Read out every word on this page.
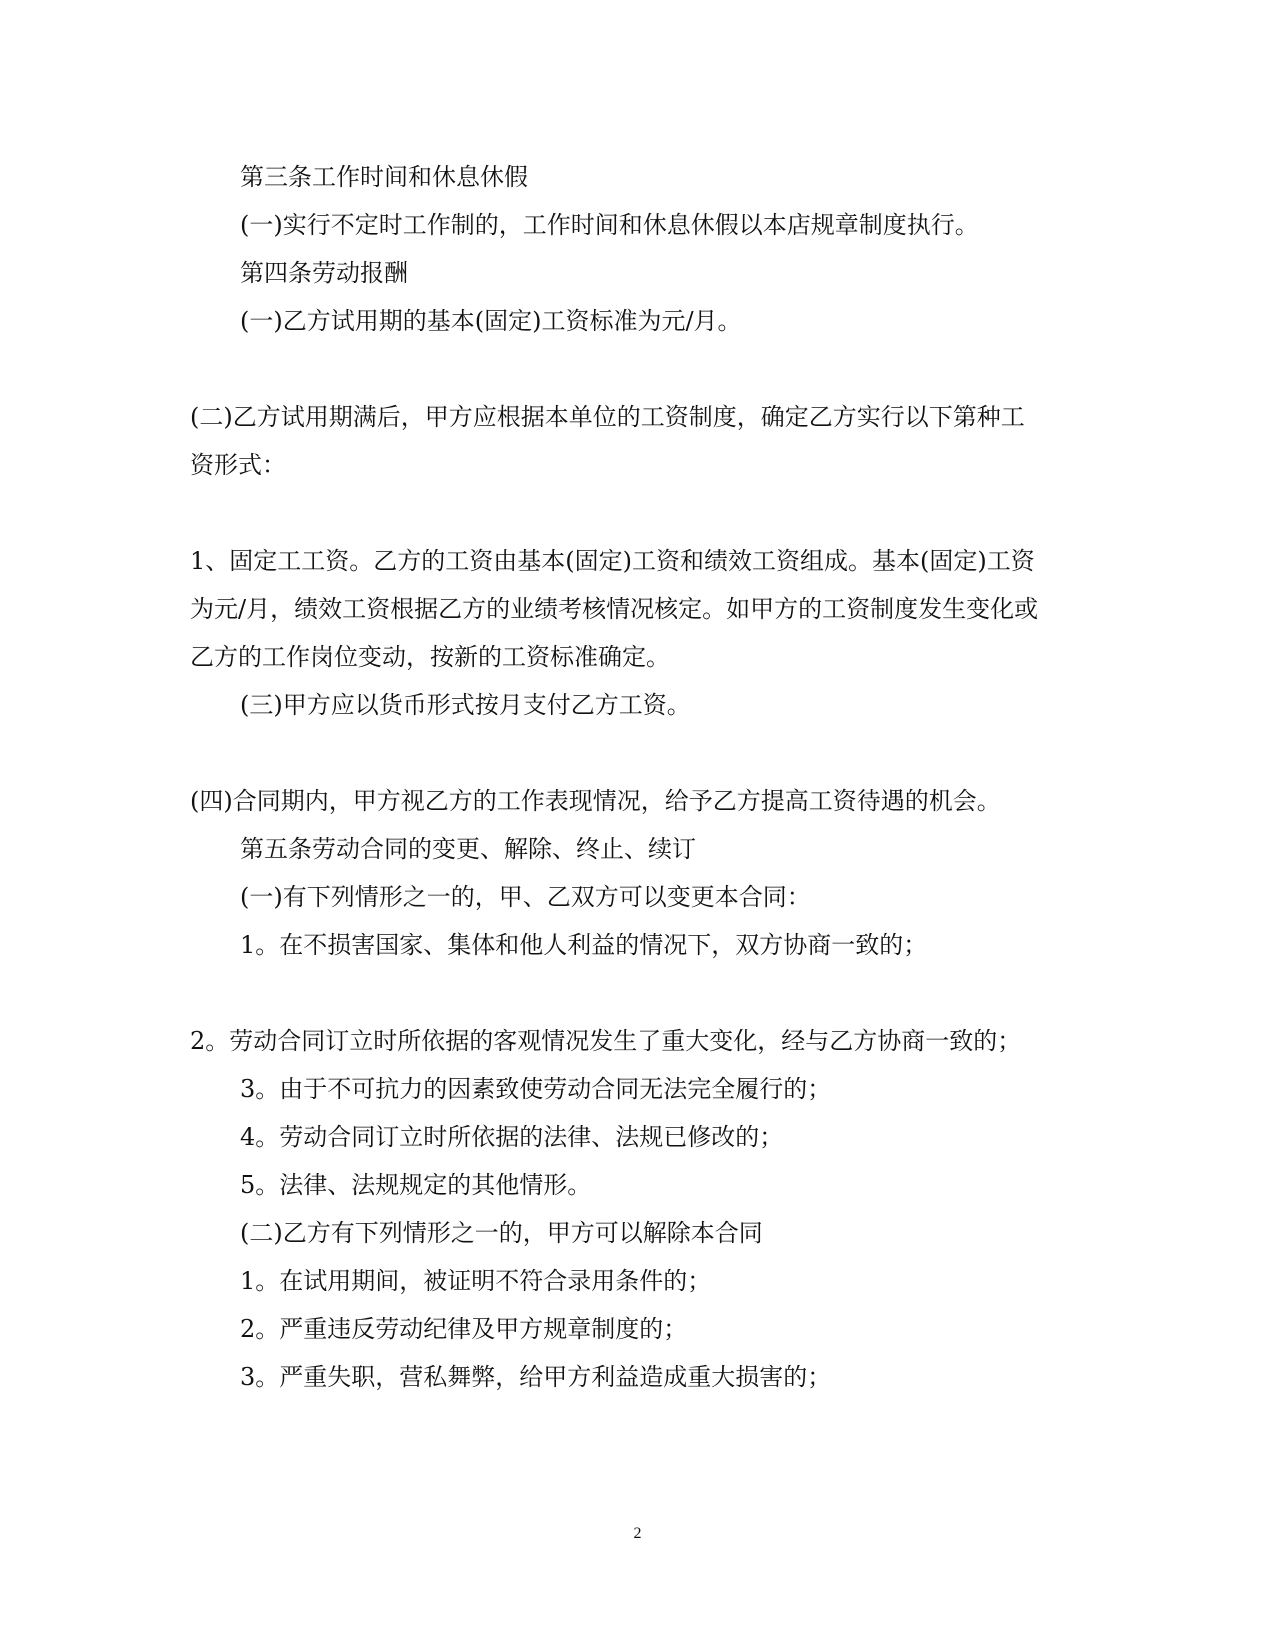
第三条工作时间和休息休假
(一)实行不定时工作制的，工作时间和休息休假以本店规章制度执行。
第四条劳动报酬
(一)乙方试用期的基本(固定)工资标准为元/月。
(二)乙方试用期满后，甲方应根据本单位的工资制度，确定乙方实行以下第种工
资形式：
1、固定工工资。乙方的工资由基本(固定)工资和绩效工资组成。基本(固定)工资
为元/月，绩效工资根据乙方的业绩考核情况核定。如甲方的工资制度发生变化或
乙方的工作岗位变动，按新的工资标准确定。
(三)甲方应以货币形式按月支付乙方工资。
(四)合同期内，甲方视乙方的工作表现情况，给予乙方提高工资待遇的机会。
第五条劳动合同的变更、解除、终止、续订
(一)有下列情形之一的，甲、乙双方可以变更本合同：
1。在不损害国家、集体和他人利益的情况下，双方协商一致的；
2。劳动合同订立时所依据的客观情况发生了重大变化，经与乙方协商一致的；
3。由于不可抗力的因素致使劳动合同无法完全履行的；
4。劳动合同订立时所依据的法律、法规已修改的；
5。法律、法规规定的其他情形。
(二)乙方有下列情形之一的，甲方可以解除本合同
1。在试用期间，被证明不符合录用条件的；
2。严重违反劳动纪律及甲方规章制度的；
3。严重失职，营私舞弊，给甲方利益造成重大损害的；
2
